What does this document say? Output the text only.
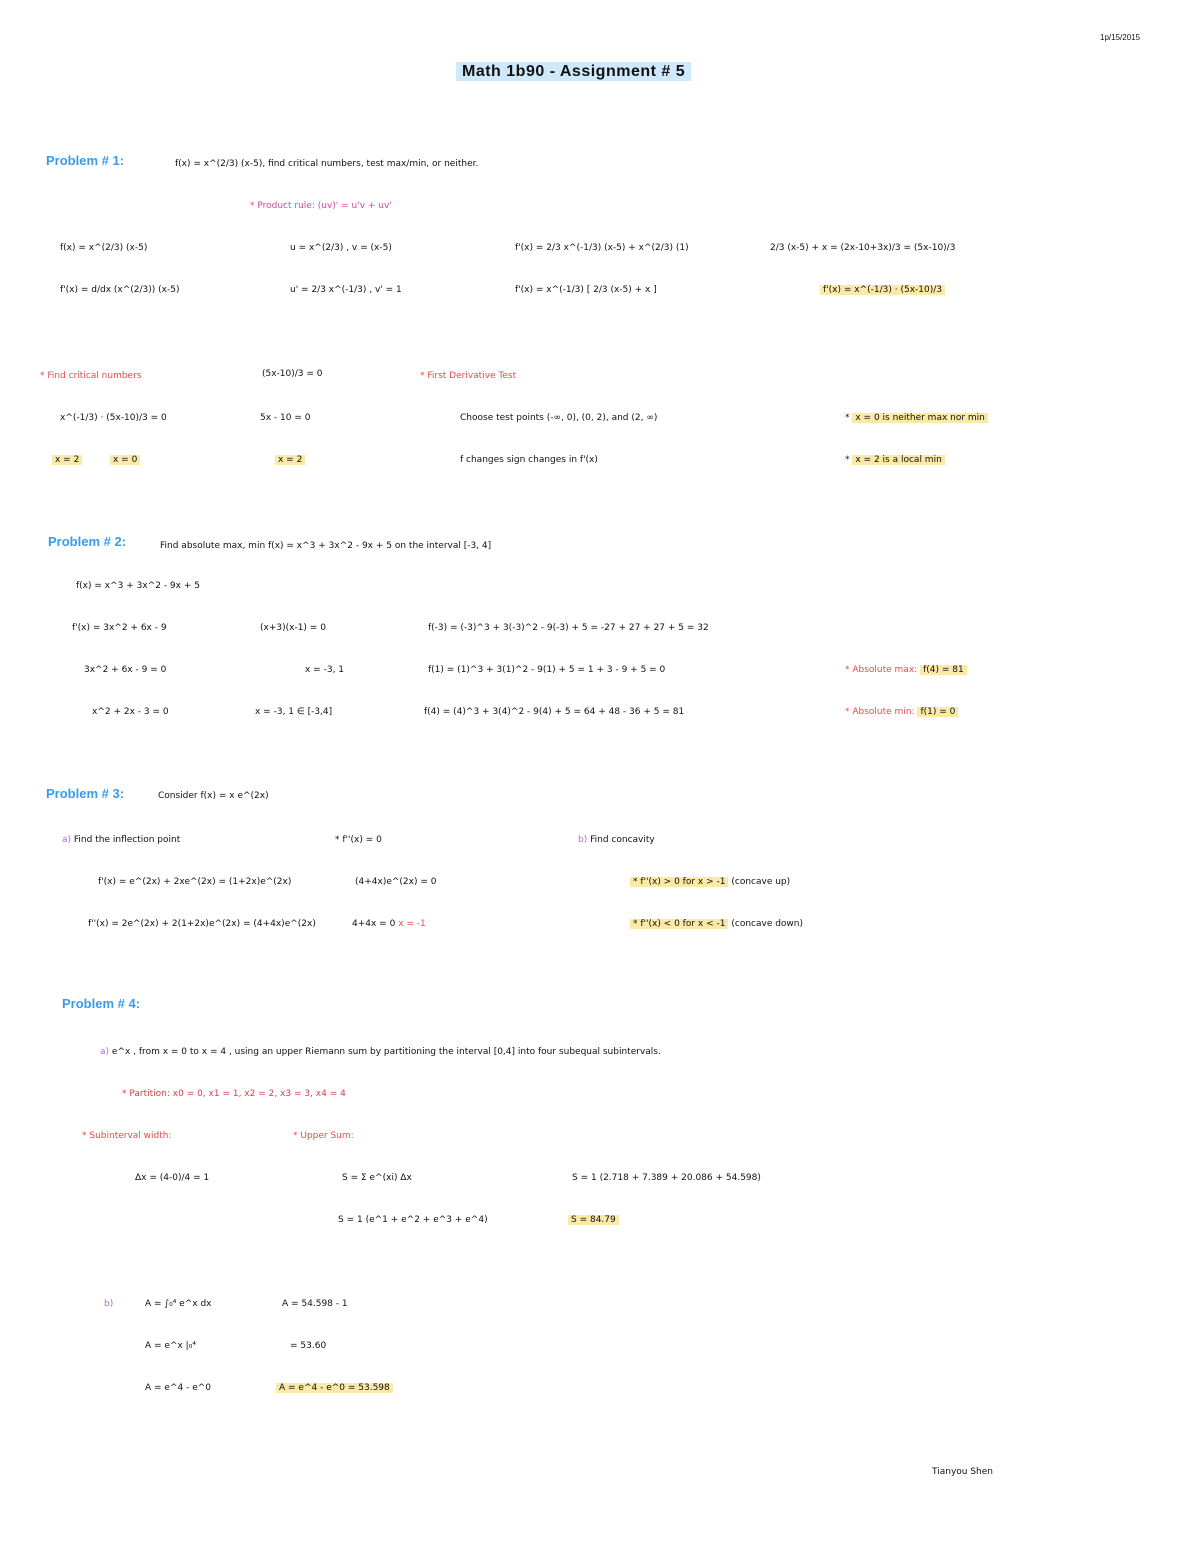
1p/15/2015
Math 1b90 - Assignment # 5
Problem # 1:	f(x) = x^(2/3) (x-5), find critical numbers, test max/min, or neither.
* Product rule: (uv)' = u'v + uv'
f(x) = x^(2/3) (x-5)
f'(x) = d/dx (x^(2/3)) (x-5)
u = x^(2/3) , v = (x-5)
u' = 2/3 x^(-1/3) , v' = 1
f'(x) = 2/3 x^(-1/3) (x-5) + x^(2/3) (1)
f'(x) = x^(-1/3) [ 2/3 (x-5) + x ]
2/3 (x-5) + x = (2x-10+3x)/3 = (5x-10)/3
f'(x) = x^(-1/3) · (5x-10)/3
* Find critical numbers	(5x-10)/3 = 0
x^(-1/3) · (5x-10)/3 = 0	5x - 10 = 0
x = 2	x = 0	x = 2
* First Derivative Test
Choose test points (-∞, 0), (0, 2), and (2, ∞)
f changes sign changes in f'(x)
* x = 0 is neither max nor min
* x = 2 is a local min
Problem # 2:	Find absolute max, min f(x) = x^3 + 3x^2 - 9x + 5 on the interval [-3, 4]
f(x) = x^3 + 3x^2 - 9x + 5
f'(x) = 3x^2 + 6x - 9
3x^2 + 6x - 9 = 0
x^2 + 2x - 3 = 0
(x+3)(x-1) = 0
x = -3, 1
x = -3, 1 ∈ [-3,4]
f(-3) = (-3)^3 + 3(-3)^2 - 9(-3) + 5 = -27 + 27 + 27 + 5 = 32
f(1) = (1)^3 + 3(1)^2 - 9(1) + 5 = 1 + 3 - 9 + 5 = 0
f(4) = (4)^3 + 3(4)^2 - 9(4) + 5 = 64 + 48 - 36 + 5 = 81
* Absolute max: f(4) = 81
* Absolute min: f(1) = 0
Problem # 3:	Consider f(x) = x e^(2x)
a) Find the inflection point
f'(x) = e^(2x) + 2xe^(2x) = (1+2x)e^(2x)
f''(x) = 2e^(2x) + 2(1+2x)e^(2x) = (4+4x)e^(2x)
* f''(x) = 0
(4+4x)e^(2x) = 0
4+4x = 0 x = -1
b) Find concavity
* f''(x) > 0 for x > -1 (concave up)
* f''(x) < 0 for x < -1 (concave down)
Problem # 4:
a) e^x , from x = 0 to x = 4 , using an upper Riemann sum by partitioning the interval [0,4] into four subequal subintervals.
* Partition: x0 = 0, x1 = 1, x2 = 2, x3 = 3, x4 = 4
* Subinterval width:
Δx = (4-0)/4 = 1
* Upper Sum:
S = Σ e^(xi) Δx
S = 1 (e^1 + e^2 + e^3 + e^4)
S = 1 (2.718 + 7.389 + 20.086 + 54.598)
S = 84.79
b)	A = ∫₀⁴ e^x dx
A = e^x |₀⁴
A = e^4 - e^0
A = 54.598 - 1
= 53.60
A = e^4 - e^0 = 53.598
Tianyou Shen
